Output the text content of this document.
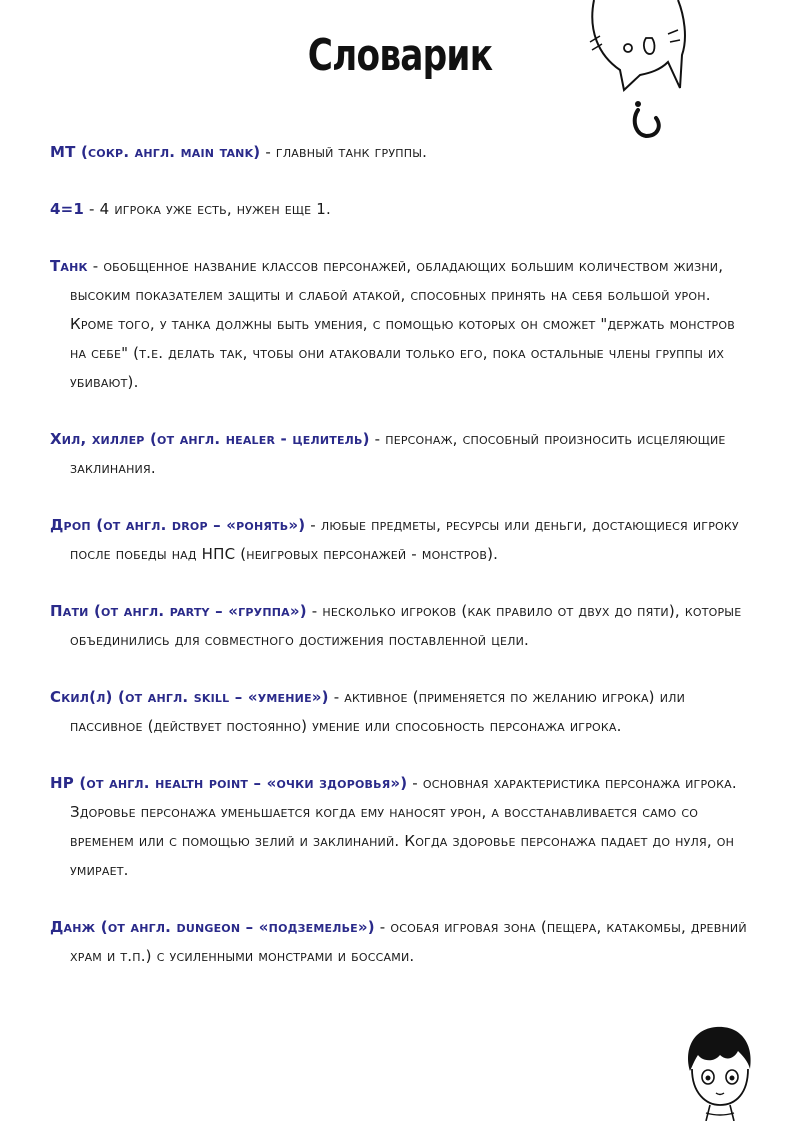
Словарик
МТ (сокр. англ. main tank) - главный танк группы.
4=1 - 4 игрока уже есть, нужен еще 1.
Танк - обобщенное название классов персонажей, обладающих большим количеством жизни, высоким показателем защиты и слабой атакой, способных принять на себя большой урон. Кроме того, у танка должны быть умения, с помощью которых он сможет "держать монстров на себе" (т.е. делать так, чтобы они атаковали только его, пока остальные члены группы их убивают).
Хил, хиллер (от англ. healer - целитель) - персонаж, способный произносить исцеляющие заклинания.
Дроп (от англ. drop – «ронять») - любые предметы, ресурсы или деньги, достающиеся игроку после победы над НПС (неигровых персонажей - монстров).
Пати (от англ. party – «группа») - несколько игроков (как правило от двух до пяти), которые объединились для совместного достижения поставленной цели.
Скил(л) (от англ. skill – «умение») - активное (применяется по желанию игрока) или пассивное (действует постоянно) умение или способность персонажа игрока.
HP (от англ. health point – «очки здоровья») - основная характеристика персонажа игрока. Здоровье персонажа уменьшается когда ему наносят урон, а восстанавливается само со временем или с помощью зелий и заклинаний. Когда здоровье персонажа падает до нуля, он умирает.
Данж (от англ. dungeon – «подземелье») - особая игровая зона (пещера, катакомбы, древний храм и т.п.) с усиленными монстрами и боссами.
